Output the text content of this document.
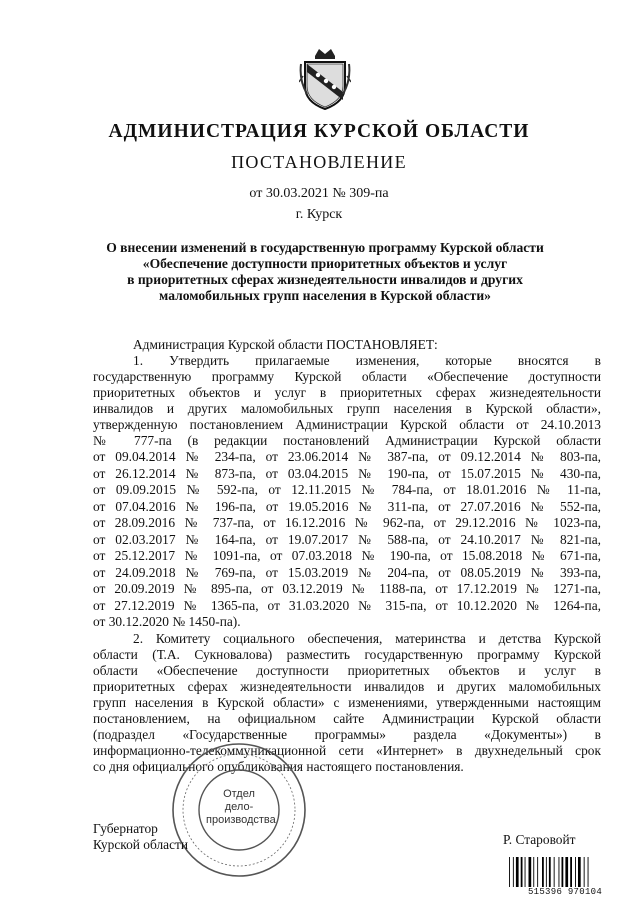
АДМИНИСТРАЦИЯ КУРСКОЙ ОБЛАСТИ
ПОСТАНОВЛЕНИЕ
от 30.03.2021 № 309-па
г. Курск
О внесении изменений в государственную программу Курской области
«Обеспечение доступности приоритетных объектов и услуг
в приоритетных сферах жизнедеятельности инвалидов и других
маломобильных групп населения в Курской области»
Администрация Курской области ПОСТАНОВЛЯЕТ:
1. Утвердить прилагаемые изменения, которые вносятся в
государственную программу Курской области «Обеспечение доступности
приоритетных объектов и услуг в приоритетных сферах жизнедеятельности
инвалидов и других маломобильных групп населения в Курской области»,
утвержденную постановлением Администрации Курской области от 24.10.2013
№ 777-па (в редакции постановлений Администрации Курской области
от 09.04.2014 № 234-па, от 23.06.2014 № 387-па, от 09.12.2014 № 803-па,
от 26.12.2014 № 873-па, от 03.04.2015 № 190-па, от 15.07.2015 № 430-па,
от 09.09.2015 № 592-па, от 12.11.2015 № 784-па, от 18.01.2016 № 11-па,
от 07.04.2016 № 196-па, от 19.05.2016 № 311-па, от 27.07.2016 № 552-па,
от 28.09.2016 № 737-па, от 16.12.2016 № 962-па, от 29.12.2016 № 1023-па,
от 02.03.2017 № 164-па, от 19.07.2017 № 588-па, от 24.10.2017 № 821-па,
от 25.12.2017 № 1091-па, от 07.03.2018 № 190-па, от 15.08.2018 № 671-па,
от 24.09.2018 № 769-па, от 15.03.2019 № 204-па, от 08.05.2019 № 393-па,
от 20.09.2019 № 895-па, от 03.12.2019 № 1188-па, от 17.12.2019 № 1271-па,
от 27.12.2019 № 1365-па, от 31.03.2020 № 315-па, от 10.12.2020 № 1264-па,
от 30.12.2020 № 1450-па).
2. Комитету социального обеспечения, материнства и детства Курской
области (Т.А. Сукновалова) разместить государственную программу Курской
области «Обеспечение доступности приоритетных объектов и услуг в
приоритетных сферах жизнедеятельности инвалидов и других маломобильных
групп населения в Курской области» с изменениями, утвержденными настоящим
постановлением, на официальном сайте Администрации Курской области
(подраздел «Государственные программы» раздела «Документы») в
информационно-телекоммуникационной сети «Интернет» в двухнедельный срок
со дня официального опубликования настоящего постановления.
Отдел
дело-
производства
Губернатор
Курской области	Р. Старовойт
515396 970104
